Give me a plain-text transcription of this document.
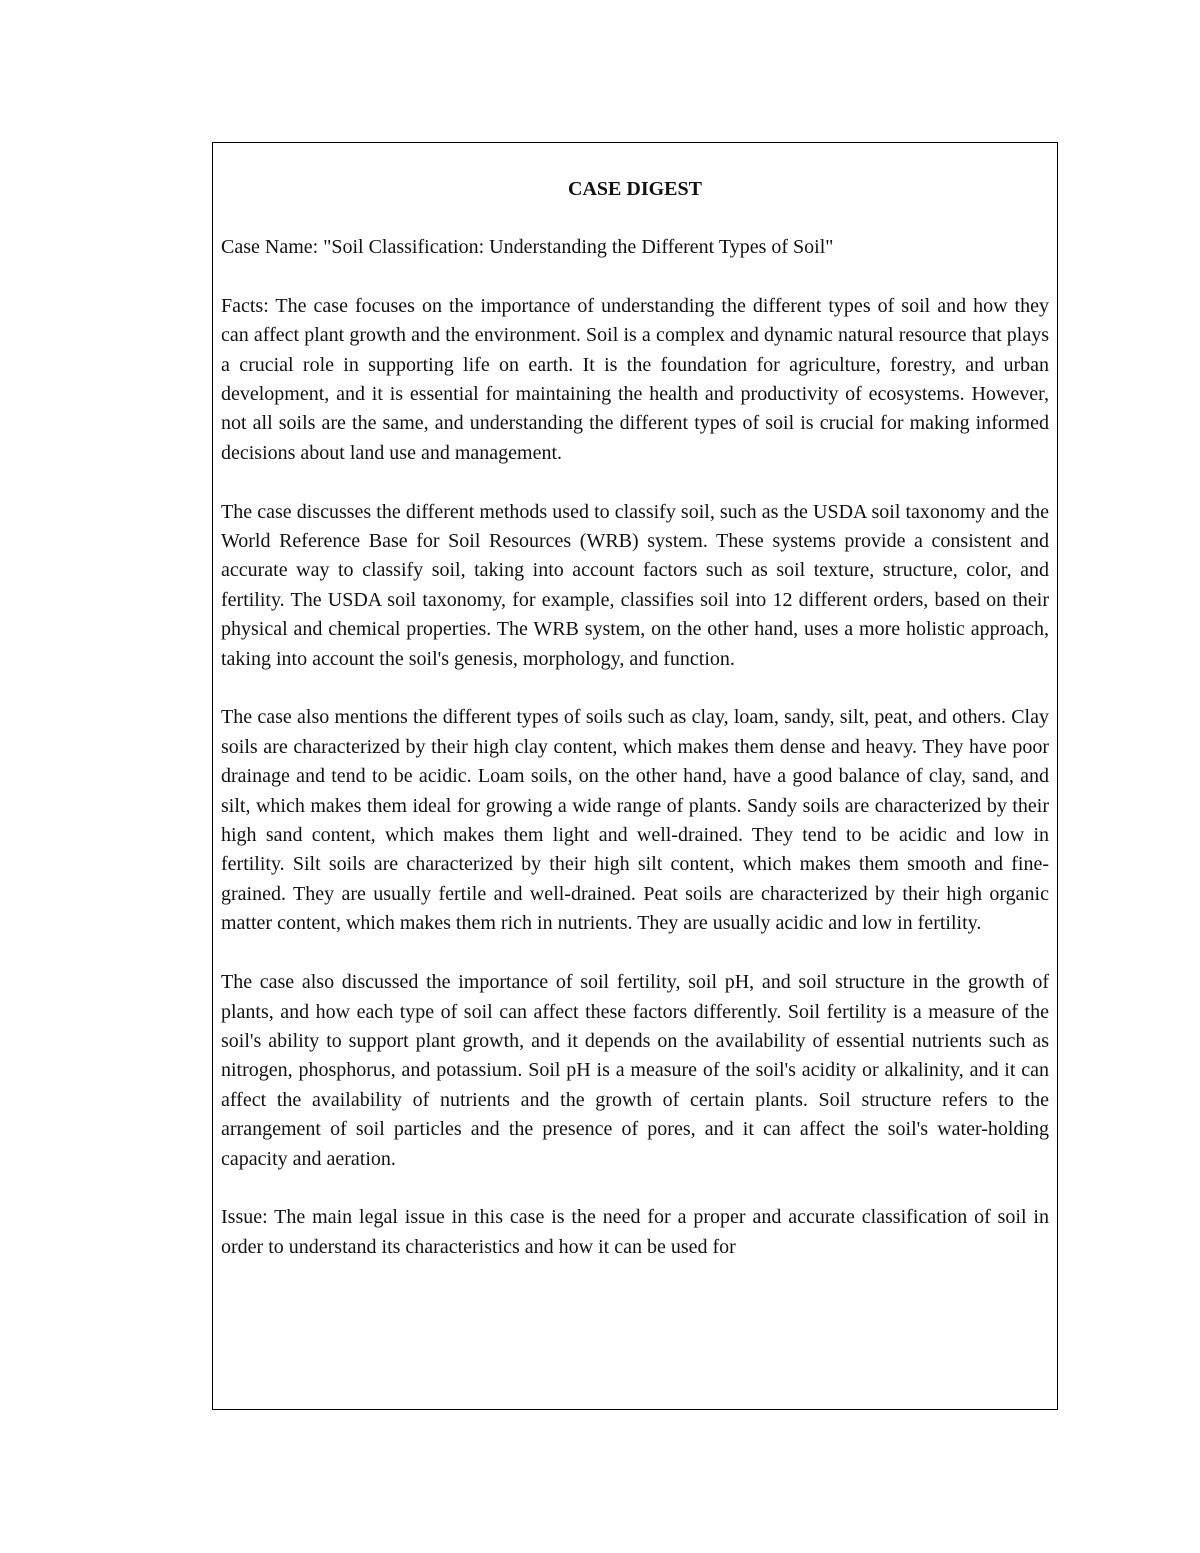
CASE DIGEST

Case Name: "Soil Classification: Understanding the Different Types of Soil"

Facts: The case focuses on the importance of understanding the different types of soil and how they can affect plant growth and the environment. Soil is a complex and dynamic natural resource that plays a crucial role in supporting life on earth. It is the foundation for agriculture, forestry, and urban development, and it is essential for maintaining the health and productivity of ecosystems. However, not all soils are the same, and understanding the different types of soil is crucial for making informed decisions about land use and management.

The case discusses the different methods used to classify soil, such as the USDA soil taxonomy and the World Reference Base for Soil Resources (WRB) system. These systems provide a consistent and accurate way to classify soil, taking into account factors such as soil texture, structure, color, and fertility. The USDA soil taxonomy, for example, classifies soil into 12 different orders, based on their physical and chemical properties. The WRB system, on the other hand, uses a more holistic approach, taking into account the soil's genesis, morphology, and function.

The case also mentions the different types of soils such as clay, loam, sandy, silt, peat, and others. Clay soils are characterized by their high clay content, which makes them dense and heavy. They have poor drainage and tend to be acidic. Loam soils, on the other hand, have a good balance of clay, sand, and silt, which makes them ideal for growing a wide range of plants. Sandy soils are characterized by their high sand content, which makes them light and well-drained. They tend to be acidic and low in fertility. Silt soils are characterized by their high silt content, which makes them smooth and fine-grained. They are usually fertile and well-drained. Peat soils are characterized by their high organic matter content, which makes them rich in nutrients. They are usually acidic and low in fertility.

The case also discussed the importance of soil fertility, soil pH, and soil structure in the growth of plants, and how each type of soil can affect these factors differently. Soil fertility is a measure of the soil's ability to support plant growth, and it depends on the availability of essential nutrients such as nitrogen, phosphorus, and potassium. Soil pH is a measure of the soil's acidity or alkalinity, and it can affect the availability of nutrients and the growth of certain plants. Soil structure refers to the arrangement of soil particles and the presence of pores, and it can affect the soil's water-holding capacity and aeration.

Issue: The main legal issue in this case is the need for a proper and accurate classification of soil in order to understand its characteristics and how it can be used for
